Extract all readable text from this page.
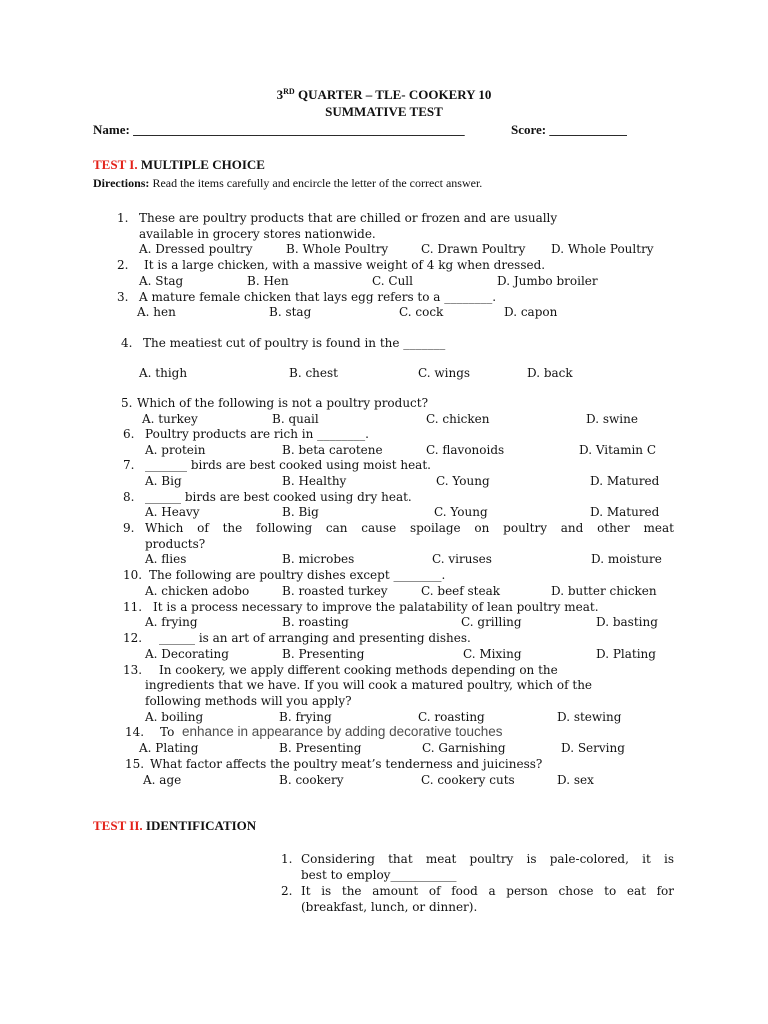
3RD QUARTER – TLE- COOKERY 10
SUMMATIVE TEST
Name: ___________________________________________________	Score: ____________
TEST I. MULTIPLE CHOICE
Directions: Read the items carefully and encircle the letter of the correct answer.
1. These are poultry products that are chilled or frozen and are usually
available in grocery stores nationwide.
A. Dressed poultry	B. Whole Poultry	C. Drawn Poultry D. Whole Poultry
2. It is a large chicken, with a massive weight of 4 kg when dressed.
A. Stag	B. Hen	C. Cull	D. Jumbo broiler
3. A mature female chicken that lays egg refers to a ________.
A. hen	B. stag	C. cock	D. capon
4. The meatiest cut of poultry is found in the _______
A. thigh	B. chest	C. wings	D. back
5. Which of the following is not a poultry product?
A. turkey	B. quail	C. chicken	D. swine
6. Poultry products are rich in ________.
A. protein	B. beta carotene	C. flavonoids	D. Vitamin C
7. _______ birds are best cooked using moist heat.
A. Big	B. Healthy	C. Young	D. Matured
8. ______ birds are best cooked using dry heat.
A. Heavy	B. Big	C. Young	D. Matured
9. Which of the following can cause spoilage on poultry and other meat
products?
A. flies	B. microbes	C. viruses	D. moisture
10. The following are poultry dishes except ________.
A. chicken adobo	B. roasted turkey	C. beef steak	D. butter chicken
11. It is a process necessary to improve the palatability of lean poultry meat.
A. frying	B. roasting	C. grilling	D. basting
12. ______ is an art of arranging and presenting dishes.
A. Decorating	B. Presenting	C. Mixing	D. Plating
13. In cookery, we apply different cooking methods depending on the
ingredients that we have. If you will cook a matured poultry, which of the
following methods will you apply?
A. boiling	B. frying	C. roasting	D. stewing
14. To enhance in appearance by adding decorative touches
A. Plating	B. Presenting	C. Garnishing	D. Serving
15. What factor affects the poultry meat’s tenderness and juiciness?
A. age	B. cookery	C. cookery cuts	D. sex
TEST II. IDENTIFICATION
1. Considering that meat poultry is pale-colored, it is
best to employ___________
2. It is the amount of food a person chose to eat for
(breakfast, lunch, or dinner).
